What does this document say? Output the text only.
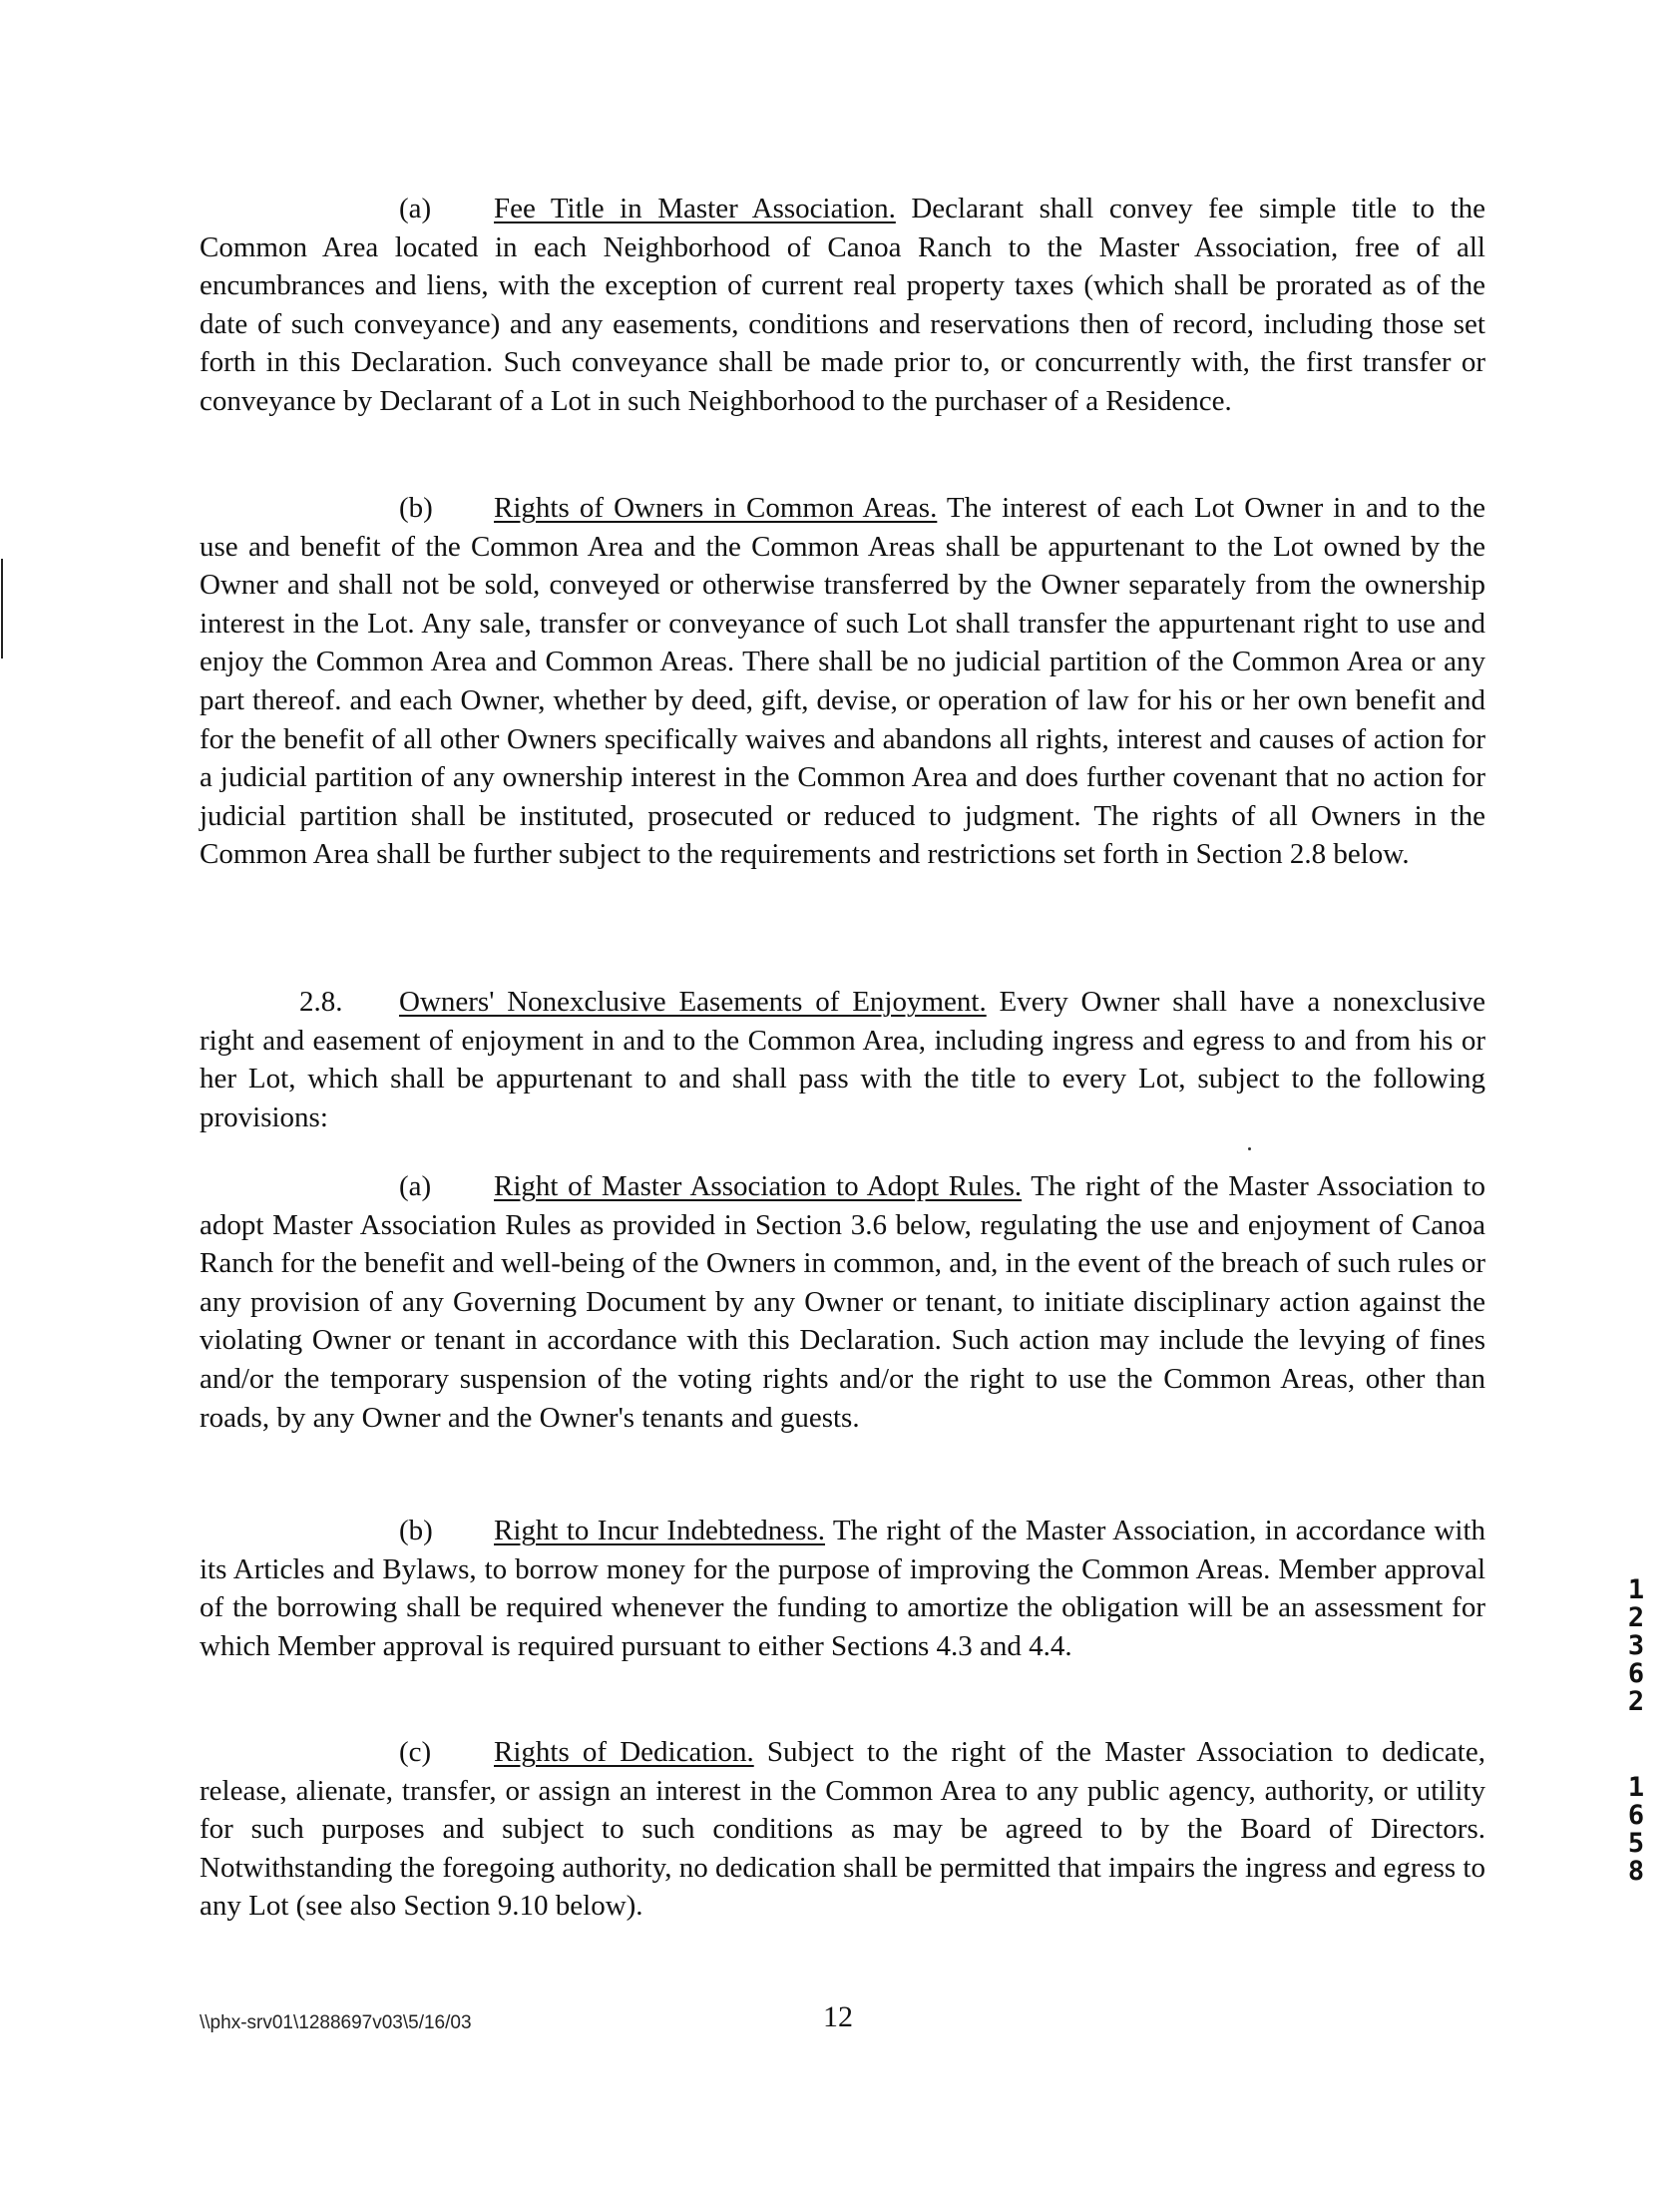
(a) Fee Title in Master Association. Declarant shall convey fee simple title to the Common Area located in each Neighborhood of Canoa Ranch to the Master Association, free of all encumbrances and liens, with the exception of current real property taxes (which shall be prorated as of the date of such conveyance) and any easements, conditions and reservations then of record, including those set forth in this Declaration. Such conveyance shall be made prior to, or concurrently with, the first transfer or conveyance by Declarant of a Lot in such Neighborhood to the purchaser of a Residence.

(b) Rights of Owners in Common Areas. The interest of each Lot Owner in and to the use and benefit of the Common Area and the Common Areas shall be appurtenant to the Lot owned by the Owner and shall not be sold, conveyed or otherwise transferred by the Owner separately from the ownership interest in the Lot. Any sale, transfer or conveyance of such Lot shall transfer the appurtenant right to use and enjoy the Common Area and Common Areas. There shall be no judicial partition of the Common Area or any part thereof. and each Owner, whether by deed, gift, devise, or operation of law for his or her own benefit and for the benefit of all other Owners specifically waives and abandons all rights, interest and causes of action for a judicial partition of any ownership interest in the Common Area and does further covenant that no action for judicial partition shall be instituted, prosecuted or reduced to judgment. The rights of all Owners in the Common Area shall be further subject to the requirements and restrictions set forth in Section 2.8 below.

2.8. Owners' Nonexclusive Easements of Enjoyment. Every Owner shall have a nonexclusive right and easement of enjoyment in and to the Common Area, including ingress and egress to and from his or her Lot, which shall be appurtenant to and shall pass with the title to every Lot, subject to the following provisions:

(a) Right of Master Association to Adopt Rules. The right of the Master Association to adopt Master Association Rules as provided in Section 3.6 below, regulating the use and enjoyment of Canoa Ranch for the benefit and well-being of the Owners in common, and, in the event of the breach of such rules or any provision of any Governing Document by any Owner or tenant, to initiate disciplinary action against the violating Owner or tenant in accordance with this Declaration. Such action may include the levying of fines and/or the temporary suspension of the voting rights and/or the right to use the Common Areas, other than roads, by any Owner and the Owner's tenants and guests.

(b) Right to Incur Indebtedness. The right of the Master Association, in accordance with its Articles and Bylaws, to borrow money for the purpose of improving the Common Areas. Member approval of the borrowing shall be required whenever the funding to amortize the obligation will be an assessment for which Member approval is required pursuant to either Sections 4.3 and 4.4.

(c) Rights of Dedication. Subject to the right of the Master Association to dedicate, release, alienate, transfer, or assign an interest in the Common Area to any public agency, authority, or utility for such purposes and subject to such conditions as may be agreed to by the Board of Directors. Notwithstanding the foregoing authority, no dedication shall be permitted that impairs the ingress and egress to any Lot (see also Section 9.10 below).

12362
1658
\\phx-srv01\1288697v03\5/16/03	12
